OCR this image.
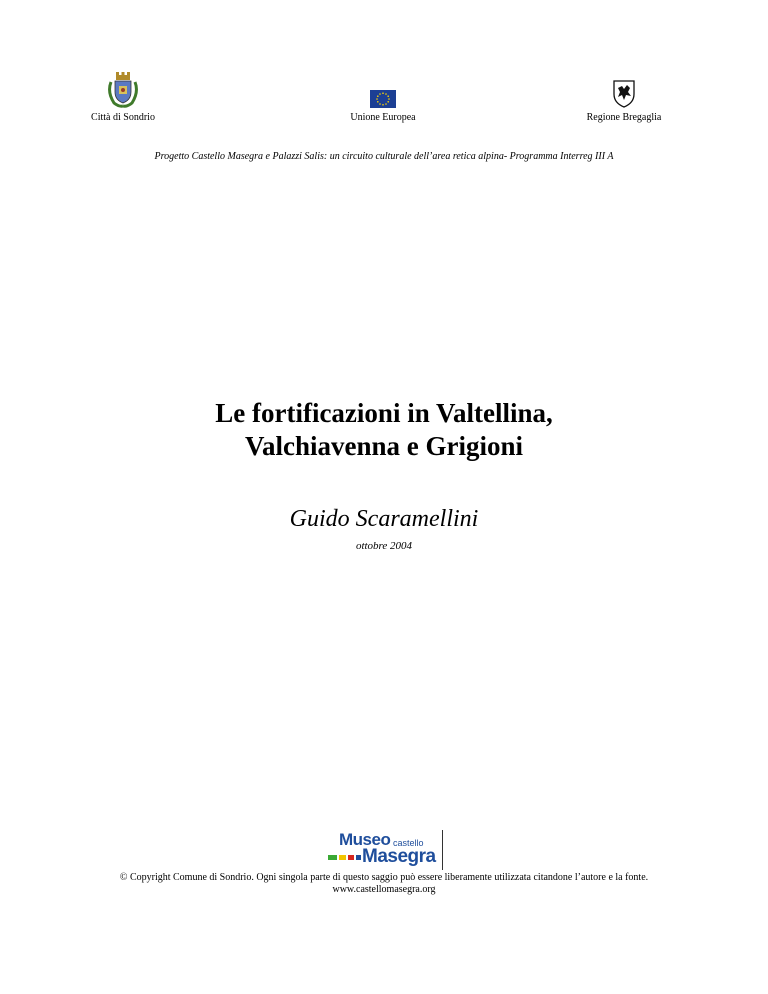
Città di Sondrio	Unione Europea	Regione Bregaglia
Progetto Castello Masegra e Palazzi Salis: un circuito culturale dell’area retica alpina- Programma Interreg III A
Le fortificazioni in Valtellina,
Valchiavenna e Grigioni
Guido Scaramellini
ottobre 2004
Museo castello
Masegra
© Copyright Comune di Sondrio. Ogni singola parte di questo saggio può essere liberamente utilizzata citandone l’autore e la fonte.
www.castellomasegra.org
